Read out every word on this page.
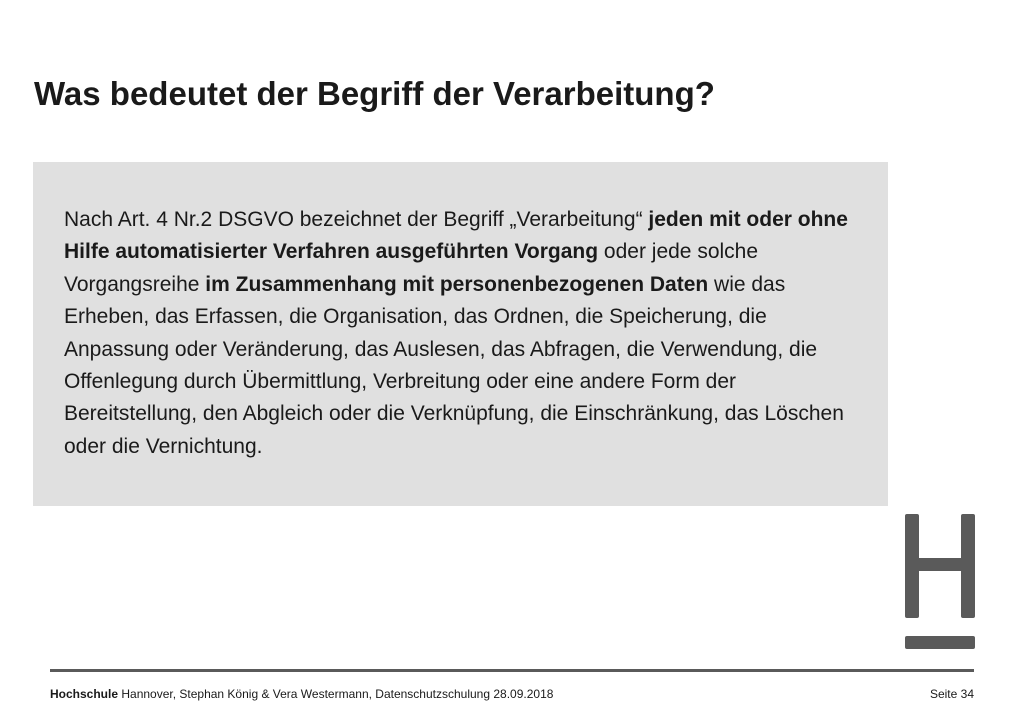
Was bedeutet der Begriff der Verarbeitung?

Nach Art. 4 Nr.2 DSGVO bezeichnet der Begriff „Verarbeitung“ jeden mit oder ohne Hilfe automatisierter Verfahren ausgeführten Vorgang oder jede solche Vorgangsreihe im Zusammenhang mit personenbezogenen Daten wie das Erheben, das Erfassen, die Organisation, das Ordnen, die Speicherung, die Anpassung oder Veränderung, das Auslesen, das Abfragen, die Verwendung, die Offenlegung durch Übermittlung, Verbreitung oder eine andere Form der Bereitstellung, den Abgleich oder die Verknüpfung, die Einschränkung, das Löschen oder die Vernichtung.

Hochschule Hannover, Stephan König & Vera Westermann, Datenschutzschulung 28.09.2018	Seite 34
